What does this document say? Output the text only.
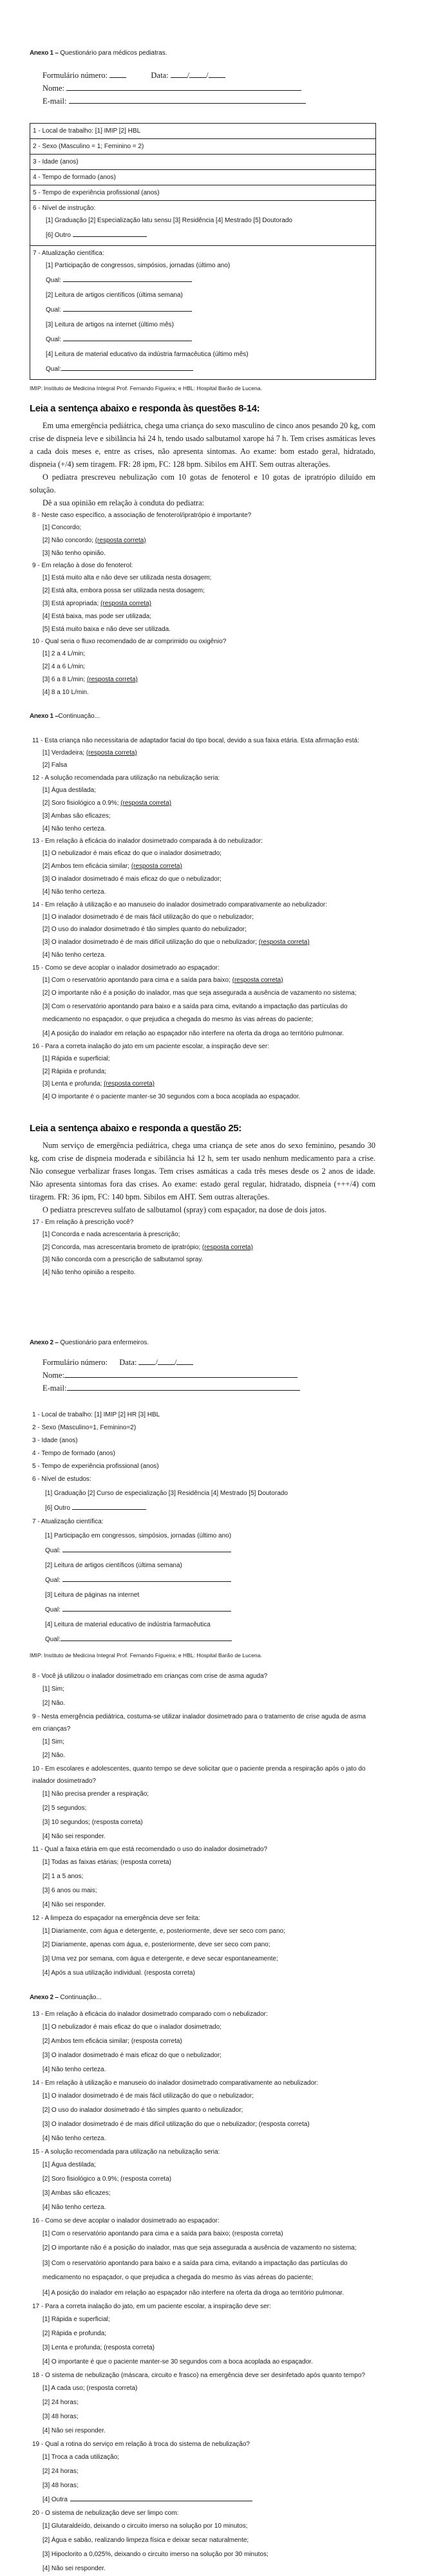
Anexo 1 – Questionário para médicos pediatras.

Formulário número:	Data: / /
Nome:
E-mail:
1 - Local de trabalho: [1] IMIP [2] HBL
2 - Sexo (Masculino = 1; Feminino = 2)
3 - Idade (anos)
4 - Tempo de formado (anos)
5 - Tempo de experiência profissional (anos)

6 - Nível de instrução:
[1] Graduação [2] Especialização latu sensu [3] Residência [4] Mestrado [5] Doutorado
[6] Outro

7 - Atualização científica:
[1] Participação de congressos, simpósios, jornadas (último ano)
Qual:
[2] Leitura de artigos científicos (última semana)
Qual:
[3] Leitura de artigos na internet (último mês)
Qual:
[4] Leitura de material educativo da indústria farmacêutica (último mês)
Qual:
IMIP: Instituto de Medicina Integral Prof. Fernando Figueira; e HBL: Hospital Barão de Lucena.
Leia a sentença abaixo e responda às questões 8-14:

Em uma emergência pediátrica, chega uma criança do sexo masculino de cinco anos pesando 20 kg, com crise de dispneia leve e sibilância há 24 h, tendo usado salbutamol xarope há 7 h. Tem crises asmáticas leves a cada dois meses e, entre as crises, não apresenta sintomas. Ao exame: bom estado geral, hidratado, dispneia (+/4) sem tiragem. FR: 28 ipm, FC: 128 bpm. Sibilos em AHT. Sem outras alterações.

O pediatra prescreveu nebulização com 10 gotas de fenoterol e 10 gotas de ipratrópio diluído em solução.

Dê a sua opinião em relação à conduta do pediatra:

8 - Neste caso específico, a associação de fenoterol/ipratrópio é importante?
[1] Concordo;
[2] Não concordo; (resposta correta)
[3] Não tenho opinião.
9 - Em relação à dose do fenoterol:
[1] Está muito alta e não deve ser utilizada nesta dosagem;
[2] Está alta, embora possa ser utilizada nesta dosagem;
[3] Está apropriada; (resposta correta)
[4] Está baixa, mas pode ser utilizada;
[5] Está muito baixa e não deve ser utilizada.
10 - Qual seria o fluxo recomendado de ar comprimido ou oxigênio?
[1] 2 a 4 L/min;
[2] 4 a 6 L/min;
[3] 6 a 8 L/min; (resposta correta)
[4] 8 a 10 L/min.

Anexo 1 –Continuação...

11 - Esta criança não necessitaria de adaptador facial do tipo bocal, devido a sua faixa etária. Esta afirmação está:
[1] Verdadeira; (resposta correta)
[2] Falsa
12 - A solução recomendada para utilização na nebulização seria:
[1] Água destilada;
[2] Soro fisiológico a 0.9%; (resposta correta)
[3] Ambas são eficazes;
[4] Não tenho certeza.
13 - Em relação à eficácia do inalador dosimetrado comparada à do nebulizador:
[1] O nebulizador é mais eficaz do que o inalador dosimetrado;
[2] Ambos tem eficácia similar; (resposta correta)
[3] O inalador dosimetrado é mais eficaz do que o nebulizador;
[4] Não tenho certeza.
14 - Em relação à utilização e ao manuseio do inalador dosimetrado comparativamente ao nebulizador:
[1] O inalador dosimetrado é de mais fácil utilização do que o nebulizador;
[2] O uso do inalador dosimetrado é tão simples quanto do nebulizador;
[3] O inalador dosimetrado é de mais difícil utilização do que o nebulizador; (resposta correta)
[4] Não tenho certeza.
15 - Como se deve acoplar o inalador dosimetrado ao espaçador:
[1] Com o reservatório apontando para cima e a saída para baixo; (resposta correta)
[2] O importante não é a posição do inalador, mas que seja assegurada a ausência de vazamento no sistema;
[3] Com o reservatório apontando para baixo e a saída para cima, evitando a impactação das partículas do medicamento no espaçador, o que prejudica a chegada do mesmo às vias aéreas do paciente;
[4] A posição do inalador em relação ao espaçador não interfere na oferta da droga ao território pulmonar.
16 - Para a correta inalação do jato em um paciente escolar, a inspiração deve ser:
[1] Rápida e superficial;
[2] Rápida e profunda;
[3] Lenta e profunda; (resposta correta)
[4] O importante é o paciente manter-se 30 segundos com a boca acoplada ao espaçador.
Leia a sentença abaixo e responda a questão 25:

Num serviço de emergência pediátrica, chega uma criança de sete anos do sexo feminino, pesando 30 kg, com crise de dispneia moderada e sibilância há 12 h, sem ter usado nenhum medicamento para a crise. Não consegue verbalizar frases longas. Tem crises asmáticas a cada três meses desde os 2 anos de idade. Não apresenta sintomas fora das crises. Ao exame: estado geral regular, hidratado, dispneia (+++/4) com tiragem. FR: 36 ipm, FC: 140 bpm. Sibilos em AHT. Sem outras alterações.

O pediatra prescreveu sulfato de salbutamol (spray) com espaçador, na dose de dois jatos.

17 - Em relação à prescrição você?
[1] Concorda e nada acrescentaria à prescrição;
[2] Concorda, mas acrescentaria brometo de ipratrópio; (resposta correta)
[3] Não concorda com a prescrição de salbutamol spray.
[4] Não tenho opinião a respeito.

Anexo 2 – Questionário para enfermeiros.

Formulário número: Data: / /
Nome:
E-mail:
1 - Local de trabalho: [1] IMIP [2] HR [3] HBL
2 - Sexo (Masculino=1, Feminino=2)
3 - Idade (anos)
4 - Tempo de formado (anos)
5 - Tempo de experiência profissional (anos)
6 - Nível de estudos:
[1] Graduação [2] Curso de especialização [3] Residência [4] Mestrado [5] Doutorado
[6] Outro
7 - Atualização científica:
[1] Participação em congressos, simpósios, jornadas (último ano)
Qual:
[2] Leitura de artigos científicos (última semana)
Qual:
[3] Leitura de páginas na internet
Qual:
[4] Leitura de material educativo de indústria farmacêutica
Qual:
IMIP: Instituto de Medicina Integral Prof. Fernando Figueira; e HBL: Hospital Barão de Lucena.
8 - Você já utilizou o inalador dosimetrado em crianças com crise de asma aguda?
[1] Sim;
[2] Não.
9 - Nesta emergência pediátrica, costuma-se utilizar inalador dosimetrado para o tratamento de crise aguda de asma em crianças?
[1] Sim;
[2] Não.
10 - Em escolares e adolescentes, quanto tempo se deve solicitar que o paciente prenda a respiração após o jato do inalador dosimetrado?
[1] Não precisa prender a respiração;
[2] 5 segundos;
[3] 10 segundos; (resposta correta)
[4] Não sei responder.
11 - Qual a faixa etária em que está recomendado o uso do inalador dosimetrado?
[1] Todas as faixas etárias; (resposta correta)
[2] 1 a 5 anos;
[3] 6 anos ou mais;
[4] Não sei responder.
12 - A limpeza do espaçador na emergência deve ser feita:
[1] Diariamente, com água e detergente, e, posteriormente, deve ser seco com pano;
[2] Diariamente, apenas com água, e, posteriormente, deve ser seco com pano;
[3] Uma vez por semana, com água e detergente, e deve secar espontaneamente;
[4] Após a sua utilização individual. (resposta correta)

Anexo 2 – Continuação...

13 - Em relação à eficácia do inalador dosimetrado comparado com o nebulizador:
[1] O nebulizador é mais eficaz do que o inalador dosimetrado;
[2] Ambos tem eficácia similar; (resposta correta)
[3] O inalador dosimetrado é mais eficaz do que o nebulizador;
[4] Não tenho certeza.
14 - Em relação à utilização e manuseio do inalador dosimetrado comparativamente ao nebulizador:
[1] O inalador dosimetrado é de mais fácil utilização do que o nebulizador;
[2] O uso do inalador dosimetrado é tão simples quanto o nebulizador;
[3] O inalador dosimetrado é de mais difícil utilização do que o nebulizador; (resposta correta)
[4] Não tenho certeza.
15 - A solução recomendada para utilização na nebulização seria:
[1] Água destilada;
[2] Soro fisiológico a 0.9%; (resposta correta)
[3] Ambas são eficazes;
[4] Não tenho certeza.
16 - Como se deve acoplar o inalador dosimetrado ao espaçador:
[1] Com o reservatório apontando para cima e a saída para baixo; (resposta correta)
[2] O importante não é a posição do inalador, mas que seja assegurada a ausência de vazamento no sistema;
[3] Com o reservatório apontando para baixo e a saída para cima, evitando a impactação das partículas do medicamento no espaçador, o que prejudica a chegada do mesmo às vias aéreas do paciente;
[4] A posição do inalador em relação ao espaçador não interfere na oferta da droga ao território pulmonar.
17 - Para a correta inalação do jato, em um paciente escolar, a inspiração deve ser:
[1] Rápida e superficial;
[2] Rápida e profunda;
[3] Lenta e profunda; (resposta correta)
[4] O importante é que o paciente manter-se 30 segundos com a boca acoplada ao espaçador.
18 - O sistema de nebulização (máscara, circuito e frasco) na emergência deve ser desinfetado após quanto tempo?
[1] A cada uso; (resposta correta)
[2] 24 horas;
[3] 48 horas;
[4] Não sei responder.
19 - Qual a rotina do serviço em relação à troca do sistema de nebulização?
[1] Troca a cada utilização;
[2] 24 horas;
[3] 48 horas;
[4] Outra
20 - O sistema de nebulização deve ser limpo com:
[1] Glutaraldeído, deixando o circuito imerso na solução por 10 minutos;
[2] Água e sabão, realizando limpeza física e deixar secar naturalmente;
[3] Hipoclorito a 0,025%, deixando o circuito imerso na solução por 30 minutos;
[4] Não sei responder.
